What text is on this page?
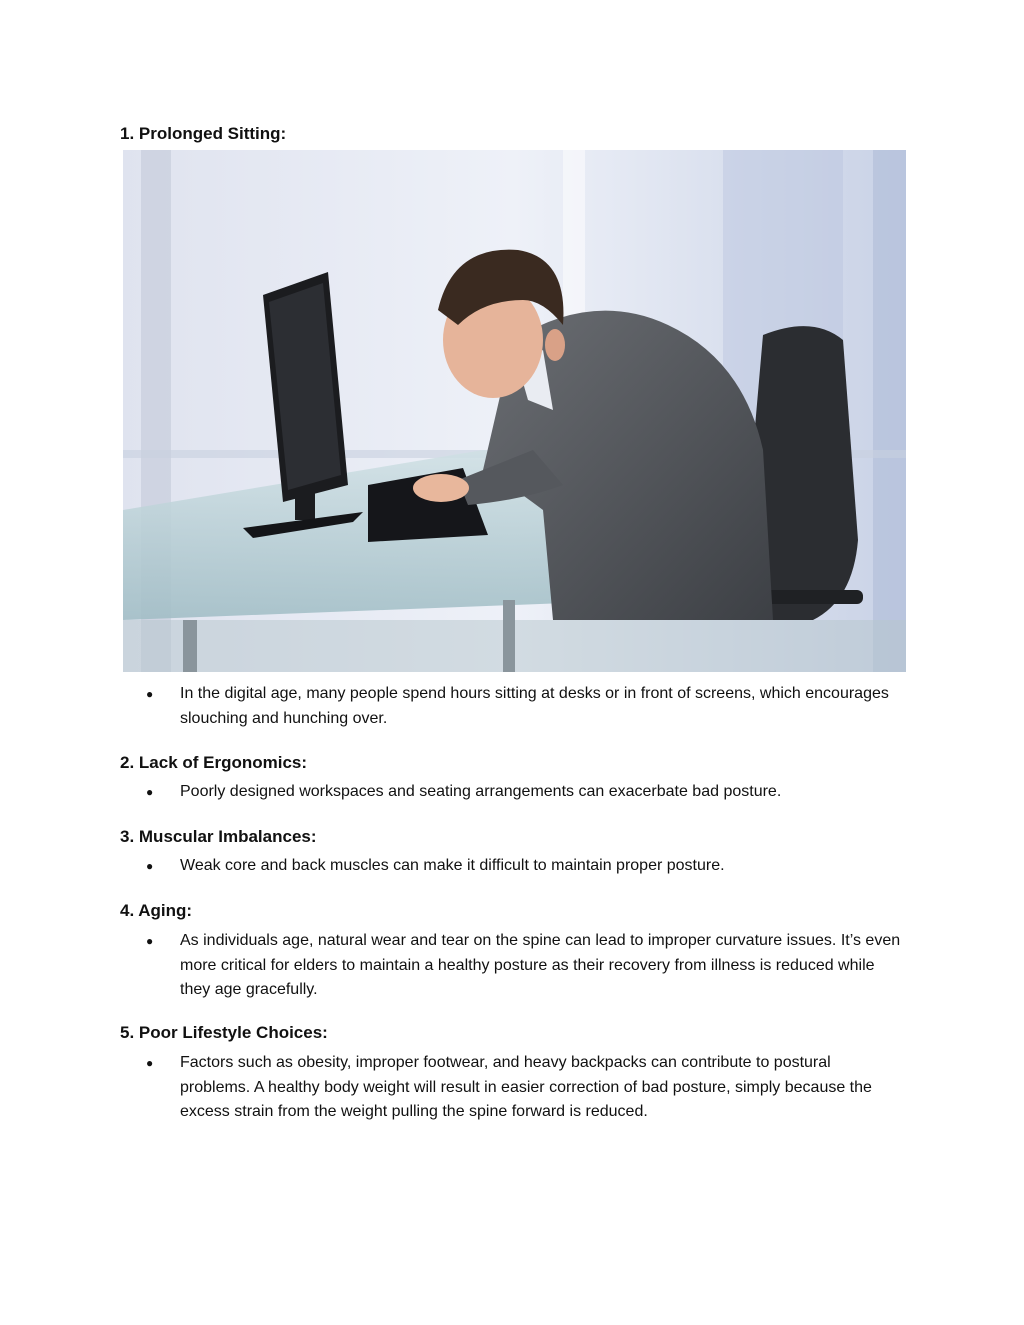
1. Prolonged Sitting:
●	In the digital age, many people spend hours sitting at desks or in front of screens, which encourages slouching and hunching over.
2. Lack of Ergonomics:
●	Poorly designed workspaces and seating arrangements can exacerbate bad posture.
3. Muscular Imbalances:
●	Weak core and back muscles can make it difficult to maintain proper posture.
4. Aging:
●	As individuals age, natural wear and tear on the spine can lead to improper curvature issues. It’s even more critical for elders to maintain a healthy posture as their recovery from illness is reduced while they age gracefully.
5. Poor Lifestyle Choices:
●	Factors such as obesity, improper footwear, and heavy backpacks can contribute to postural problems. A healthy body weight will result in easier correction of bad posture, simply because the excess strain from the weight pulling the spine forward is reduced.
